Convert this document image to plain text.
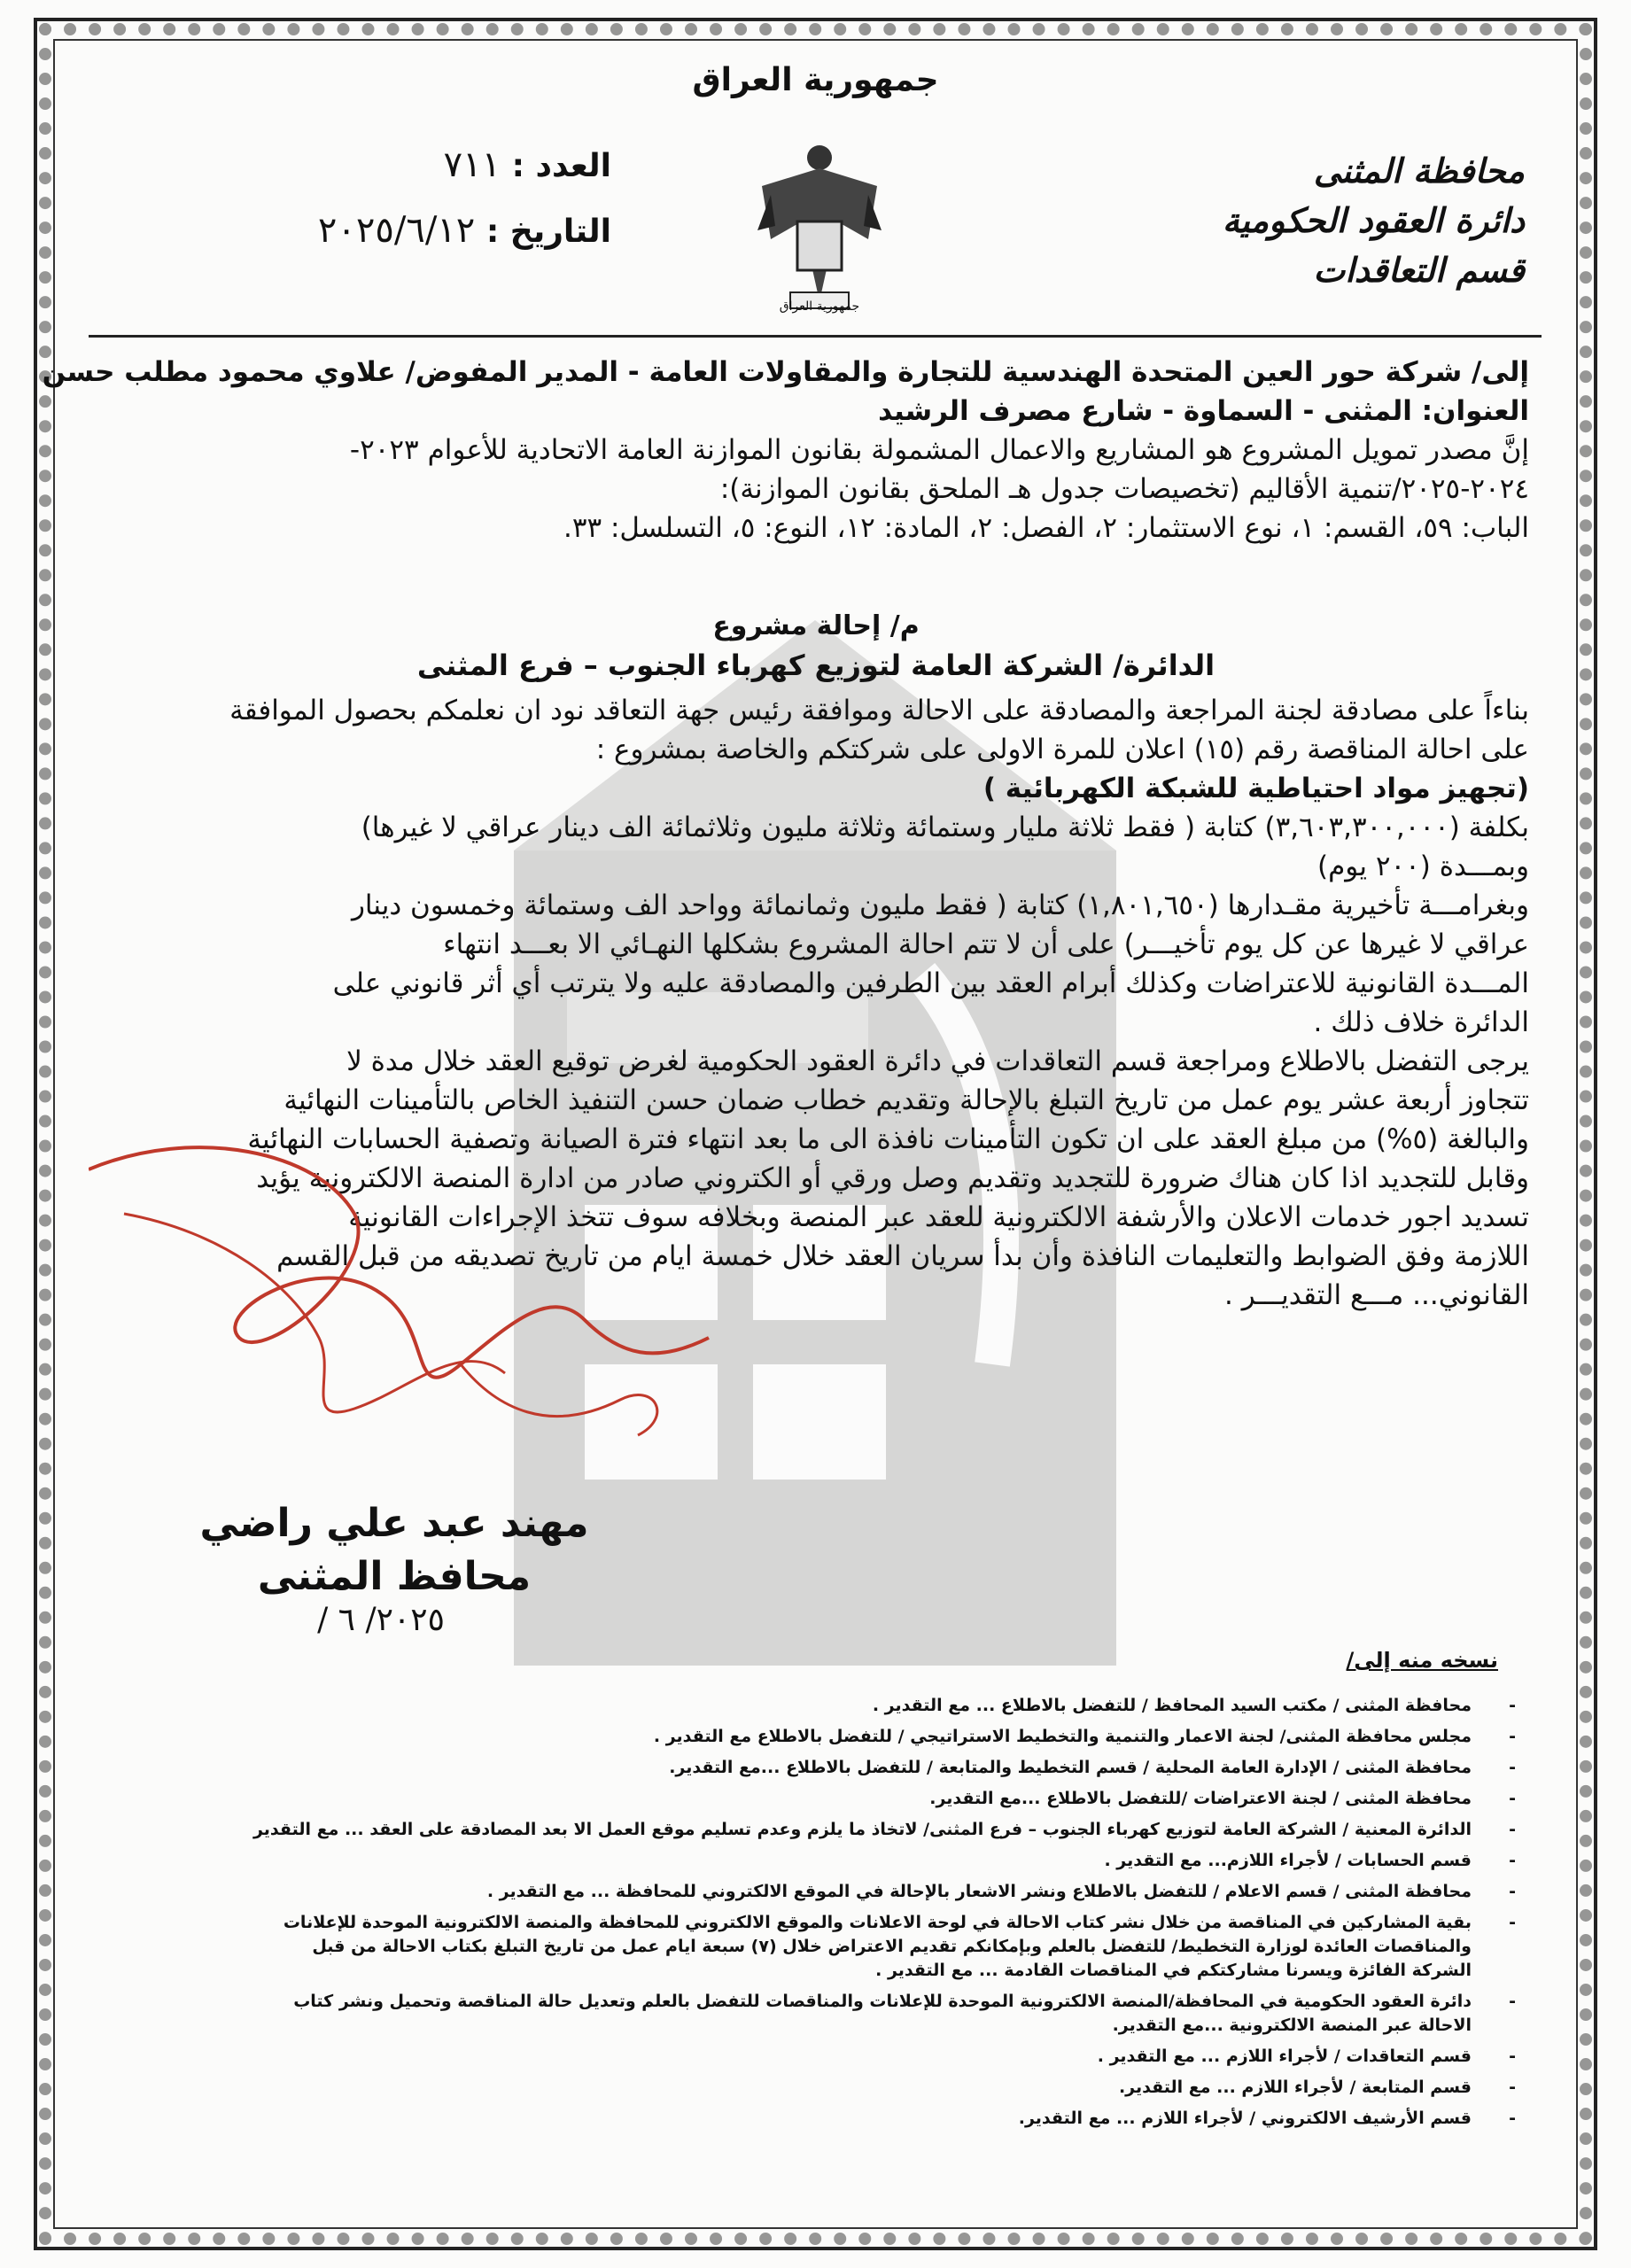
جمهورية العراق
محافظة المثنى
دائرة العقود الحكومية
قسم التعاقدات
العدد : ٧١١
التاريخ : ٢٠٢٥/٦/١٢
جمهورية العراق
إلى/ شركة حور العين المتحدة الهندسية للتجارة والمقاولات العامة - المدير المفوض/ علاوي محمود مطلب حسن
العنوان: المثنى - السماوة - شارع مصرف الرشيد
إنَّ مصدر تمويل المشروع هو المشاريع والاعمال المشمولة بقانون الموازنة العامة الاتحادية للأعوام ٢٠٢٣-
٢٠٢٤-٢٠٢٥/تنمية الأقاليم (تخصيصات جدول هـ الملحق بقانون الموازنة):
الباب: ٥٩، القسم: ١، نوع الاستثمار: ٢، الفصل: ٢، المادة: ١٢، النوع: ٥، التسلسل: ٣٣.
م/ إحالة مشروع
الدائرة/ الشركة العامة لتوزيع كهرباء الجنوب – فرع المثنى
بناءاً على مصادقة لجنة المراجعة والمصادقة على الاحالة وموافقة رئيس جهة التعاقد نود ان نعلمكم بحصول الموافقة
على احالة المناقصة رقم (١٥) اعلان للمرة الاولى على شركتكم والخاصة بمشروع :
(تجهيز مواد احتياطية للشبكة الكهربائية )
بكلفة (٣,٦٠٣,٣٠٠,٠٠٠) كتابة ( فقط ثلاثة مليار وستمائة وثلاثة مليون وثلاثمائة الف دينار عراقي لا غيرها)
وبمـــدة (٢٠٠ يوم)
وبغرامـــة تأخيرية مقـدارها (١,٨٠١,٦٥٠) كتابة ( فقط مليون وثمانمائة وواحد الف وستمائة وخمسون دينار
عراقي لا غيرها عن كل يوم تأخيـــر) على أن لا تتم احالة المشروع بشكلها النهـائي الا بعـــد انتهاء
المـــدة القانونية للاعتراضات وكذلك أبرام العقد بين الطرفين والمصادقة عليه ولا يترتب أي أثر قانوني على
الدائرة خلاف ذلك .
يرجى التفضل بالاطلاع ومراجعة قسم التعاقدات في دائرة العقود الحكومية لغرض توقيع العقد خلال مدة لا
تتجاوز أربعة عشر يوم عمل من تاريخ التبلغ بالإحالة وتقديم خطاب ضمان حسن التنفيذ الخاص بالتأمينات النهائية
والبالغة (٥%) من مبلغ العقد على ان تكون التأمينات نافذة الى ما بعد انتهاء فترة الصيانة وتصفية الحسابات النهائية
وقابل للتجديد اذا كان هناك ضرورة للتجديد وتقديم وصل ورقي أو الكتروني صادر من ادارة المنصة الالكترونية يؤيد
تسديد اجور خدمات الاعلان والأرشفة الالكترونية للعقد عبر المنصة وبخلافه سوف تتخذ الإجراءات القانونية
اللازمة وفق الضوابط والتعليمات النافذة وأن بدأ سريان العقد خلال خمسة ايام من تاريخ تصديقه من قبل القسم
القانوني... مـــع التقديـــر .
مهند عبد علي راضي
محافظ المثنى
٢٠٢٥/ ٦ /
نسخه منه إلى/
-
محافظة المثنى / مكتب السيد المحافظ / للتفضل بالاطلاع ... مع التقدير .
-
مجلس محافظة المثنى/ لجنة الاعمار والتنمية والتخطيط الاستراتيجي / للتفضل بالاطلاع مع التقدير .
-
محافظة المثنى / الإدارة العامة المحلية / قسم التخطيط والمتابعة / للتفضل بالاطلاع ...مع التقدير.
-
محافظة المثنى / لجنة الاعتراضات /للتفضل بالاطلاع ...مع التقدير.
-
الدائرة المعنية / الشركة العامة لتوزيع كهرباء الجنوب – فرع المثنى/ لاتخاذ ما يلزم وعدم تسليم موقع العمل الا بعد المصادقة على العقد ... مع التقدير
-
قسم الحسابات / لأجراء اللازم... مع التقدير .
-
محافظة المثنى / قسم الاعلام / للتفضل بالاطلاع ونشر الاشعار بالإحالة في الموقع الالكتروني للمحافظة ... مع التقدير .
-
بقية المشاركين في المناقصة من خلال نشر كتاب الاحالة في لوحة الاعلانات والموقع الالكتروني للمحافظة والمنصة الالكترونية الموحدة للإعلانات
والمناقصات العائدة لوزارة التخطيط/ للتفضل بالعلم وبإمكانكم تقديم الاعتراض خلال (٧) سبعة ايام عمل من تاريخ التبلغ بكتاب الاحالة من قبل
الشركة الفائزة ويسرنا مشاركتكم في المناقصات القادمة ... مع التقدير .
-
دائرة العقود الحكومية في المحافظة/المنصة الالكترونية الموحدة للإعلانات والمناقصات للتفضل بالعلم وتعديل حالة المناقصة وتحميل ونشر كتاب
الاحالة عبر المنصة الالكترونية ...مع التقدير.
-
قسم التعاقدات / لأجراء اللازم ... مع التقدير .
-
قسم المتابعة / لأجراء اللازم ... مع التقدير.
-
قسم الأرشيف الالكتروني / لأجراء اللازم ... مع التقدير.
